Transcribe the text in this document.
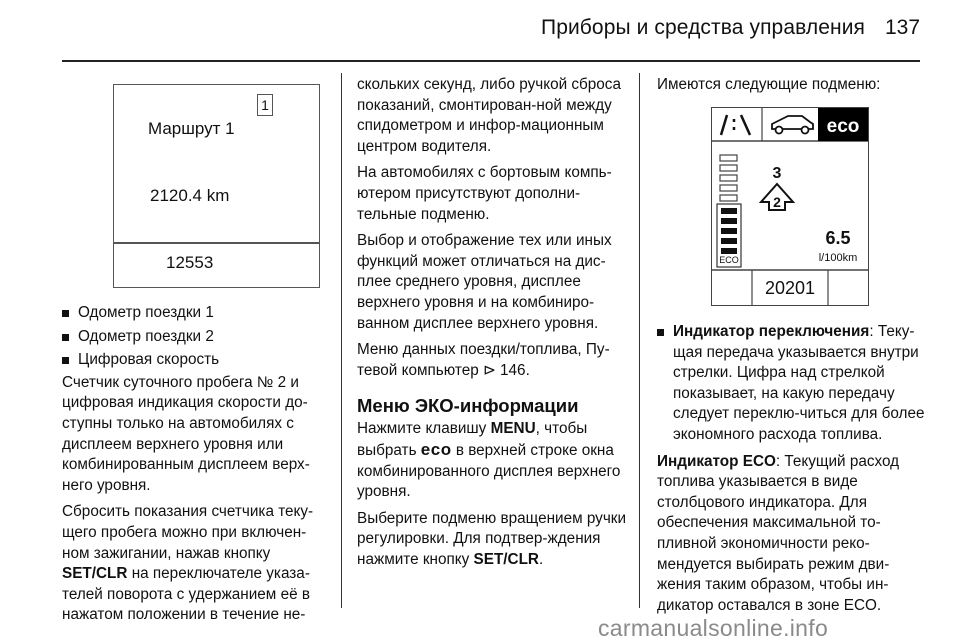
Приборы и средства управления 137
1
Маршрут 1
2120.4 km
12553
Одометр поездки 1
Одометр поездки 2
Цифровая скорость

Счетчик суточного пробега № 2 и цифровая индикация скорости до-ступны только на автомобилях с дисплеем верхнего уровня или комбинированным дисплеем верх-него уровня.

Сбросить показания счетчика теку-щего пробега можно при включен-ном зажигании, нажав кнопку SET/CLR на переключателе указа-телей поворота с удержанием её в нажатом положении в течение не-

скольких секунд, либо ручкой сброса показаний, смонтирован-ной между спидометром и инфор-мационным центром водителя.

На автомобилях с бортовым компь-ютером присутствуют дополни-тельные подменю.

Выбор и отображение тех или иных функций может отличаться на дис-плее среднего уровня, дисплее верхнего уровня и на комбиниро-ванном дисплее верхнего уровня.

Меню данных поездки/топлива, Пу-тевой компьютер ⊳ 146.

Меню ЭКО-информации

Нажмите клавишу MENU, чтобы выбрать eco в верхней строке окна комбинированного дисплея верхнего уровня.

Выберите подменю вращением ручки регулировки. Для подтвер-ждения нажмите кнопку SET/CLR.

Имеются следующие подменю:

eco
ECO
3
2
6.5
l/100km
20201
Индикатор переключения: Теку-щая передача указывается внутри стрелки. Цифра над стрелкой показывает, на какую передачу следует переклю-читься для более экономного расхода топлива.

Индикатор ECO: Текущий расход топлива указывается в виде столбцового индикатора. Для обеспечения максимальной то-пливной экономичности реко-мендуется выбирать режим дви-жения таким образом, чтобы ин-дикатор оставался в зоне ECO.

carmanualsonline.info
